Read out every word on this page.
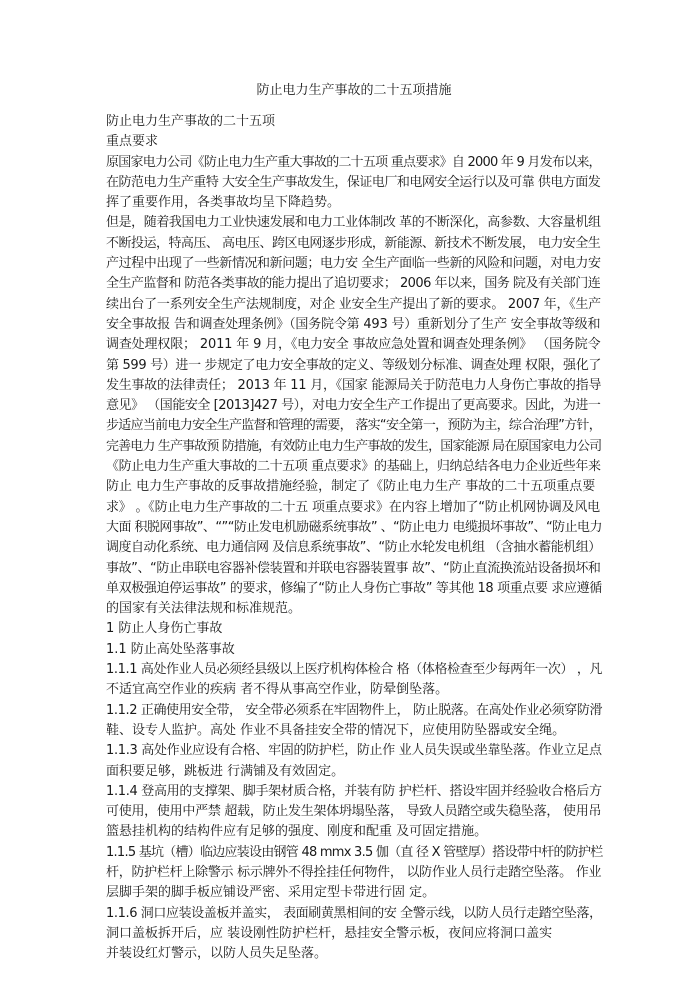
防止电力生产事故的二十五项措施
防止电力生产事故的二十五项
重点要求
原国家电力公司《防止电力生产重大事故的二十五项 重点要求》自 2000 年 9 月发布以来，
在防范电力生产重特 大安全生产事故发生，保证电厂和电网安全运行以及可靠 供电方面发
挥了重要作用，各类事故均呈下降趋势。
但是，随着我国电力工业快速发展和电力工业体制改 革的不断深化，高参数、大容量机组
不断投运，特高压、 高电压、跨区电网逐步形成，新能源、新技术不断发展， 电力安全生
产过程中出现了一些新情况和新问题；电力安 全生产面临一些新的风险和问题，对电力安
全生产监督和 防范各类事故的能力提出了追切要求； 2006 年以来，国务 院及有关部门连
续出台了一系列安全生产法规制度，对企 业安全生产提出了新的要求。 2007 年，《生产
安全事故报 告和调查处理条例》（国务院令第 493 号）重新划分了生产 安全事故等级和
调查处理权限； 2011 年 9 月，《电力安全 事故应急处置和调查处理条例》 （国务院令
第 599 号）进一 步规定了电力安全事故的定义、等级划分标准、调查处理 权限，强化了
发生事故的法律责任； 2013 年 11 月，《国家 能源局关于防范电力人身伤亡事故的指导
意见》 （国能安全 [2013]427 号），对电力安全生产工作提出了更高要求。因此，为进一
步适应当前电力安全生产监督和管理的需要， 落实“安全第一，预防为主，综合治理”方针，
完善电力 生产事故预 防措施，有效防止电力生产事故的发生，国家能源 局在原国家电力公司
《防止电力生产重大事故的二十五项 重点要求》的基础上，归纳总结各电力企业近些年来
防止 电力生产事故的反事故措施经验，制定了《防止电力生产 事故的二十五项重点要
求》 。《防止电力生产事故的二十五 项重点要求》在内容上增加了“防止机网协调及风电
大面 积脱网事故”、“”“防止发电机励磁系统事故” 、“防止电力 电缆损坏事故”、“防止电力
调度自动化系统、电力通信网 及信息系统事故”、“防止水轮发电机组 （含抽水蓄能机组）
事故”、“防止串联电容器补偿装置和并联电容器装置事 故”、“防止直流换流站设备损坏和
单双极强迫停运事故” 的要求，修编了“防止人身伤亡事故” 等其他 18 项重点要 求应遵循
的国家有关法律法规和标准规范。
1 防止人身伤亡事故
1.1 防止高处坠落事故
1.1.1 高处作业人员必须经县级以上医疗机构体检合 格（体格检查至少每两年一次） ，凡
不适宜高空作业的疾病 者不得从事高空作业，防晕倒坠落。
1.1.2 正确使用安全带， 安全带必须系在牢固物件上， 防止脱落。在高处作业必须穿防滑
鞋、设专人监护。高处 作业不具备挂安全带的情况下，应使用防坠器或安全绳。
1.1.3 高处作业应设有合格、牢固的防护栏，防止作 业人员失误或坐靠坠落。作业立足点
面积要足够，跳板进 行满铺及有效固定。
1.1.4 登高用的支撑架、脚手架材质合格，并装有防 护栏杆、搭设牢固并经验收合格后方
可使用，使用中严禁 超载，防止发生架体坍塌坠落， 导致人员踏空或失稳坠落， 使用吊
篮悬挂机构的结构件应有足够的强度、刚度和配重 及可固定措施。
1.1.5 基坑（槽）临边应装设由钢管 48 mmx 3.5 伽（直 径 X 管壁厚）搭设带中杆的防护栏
杆，防护栏杆上除警示 标示牌外不得拴挂任何物件， 以防作业人员行走踏空坠落。 作业
层脚手架的脚手板应铺设严密、采用定型卡带进行固 定。
1.1.6 洞口应装设盖板并盖实， 表面刷黄黑相间的安 全警示线，以防人员行走踏空坠落，
洞口盖板拆开后，应 装设刚性防护栏杆，悬挂安全警示板，夜间应将洞口盖实
并装设红灯警示，以防人员失足坠落。
